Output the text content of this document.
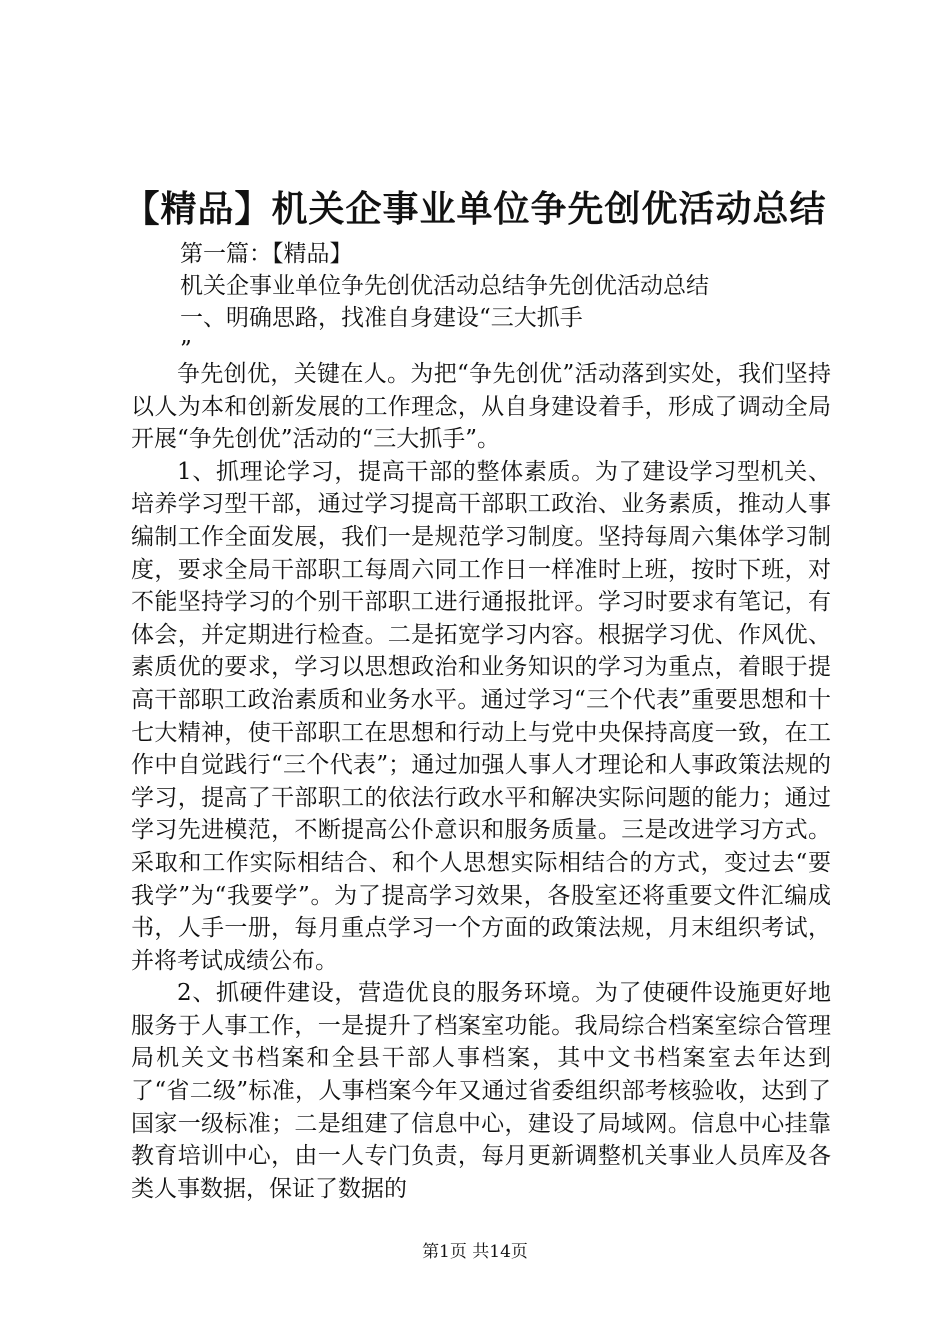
【精品】机关企事业单位争先创优活动总结
第一篇：【精品】
机关企事业单位争先创优活动总结争先创优活动总结
一、明确思路，找准自身建设“三大抓手
”

争先创优，关键在人。为把“争先创优”活动落到实处，我们坚持以人为本和创新发展的工作理念，从自身建设着手，形成了调动全局开展“争先创优”活动的“三大抓手”。

1、抓理论学习，提高干部的整体素质。为了建设学习型机关、培养学习型干部，通过学习提高干部职工政治、业务素质，推动人事编制工作全面发展，我们一是规范学习制度。坚持每周六集体学习制度，要求全局干部职工每周六同工作日一样准时上班，按时下班，对不能坚持学习的个别干部职工进行通报批评。学习时要求有笔记，有体会，并定期进行检查。二是拓宽学习内容。根据学习优、作风优、素质优的要求，学习以思想政治和业务知识的学习为重点，着眼于提高干部职工政治素质和业务水平。通过学习“三个代表”重要思想和十七大精神，使干部职工在思想和行动上与党中央保持高度一致，在工作中自觉践行“三个代表”；通过加强人事人才理论和人事政策法规的学习，提高了干部职工的依法行政水平和解决实际问题的能力；通过学习先进模范，不断提高公仆意识和服务质量。三是改进学习方式。采取和工作实际相结合、和个人思想实际相结合的方式，变过去“要我学”为“我要学”。为了提高学习效果，各股室还将重要文件汇编成书，人手一册，每月重点学习一个方面的政策法规，月末组织考试，并将考试成绩公布。

2、抓硬件建设，营造优良的服务环境。为了使硬件设施更好地服务于人事工作，一是提升了档案室功能。我局综合档案室综合管理局机关文书档案和全县干部人事档案，其中文书档案室去年达到了“省二级”标准，人事档案今年又通过省委组织部考核验收，达到了国家一级标准；二是组建了信息中心，建设了局域网。信息中心挂靠教育培训中心，由一人专门负责，每月更新调整机关事业人员库及各类人事数据，保证了数据的

第1页 共14页
